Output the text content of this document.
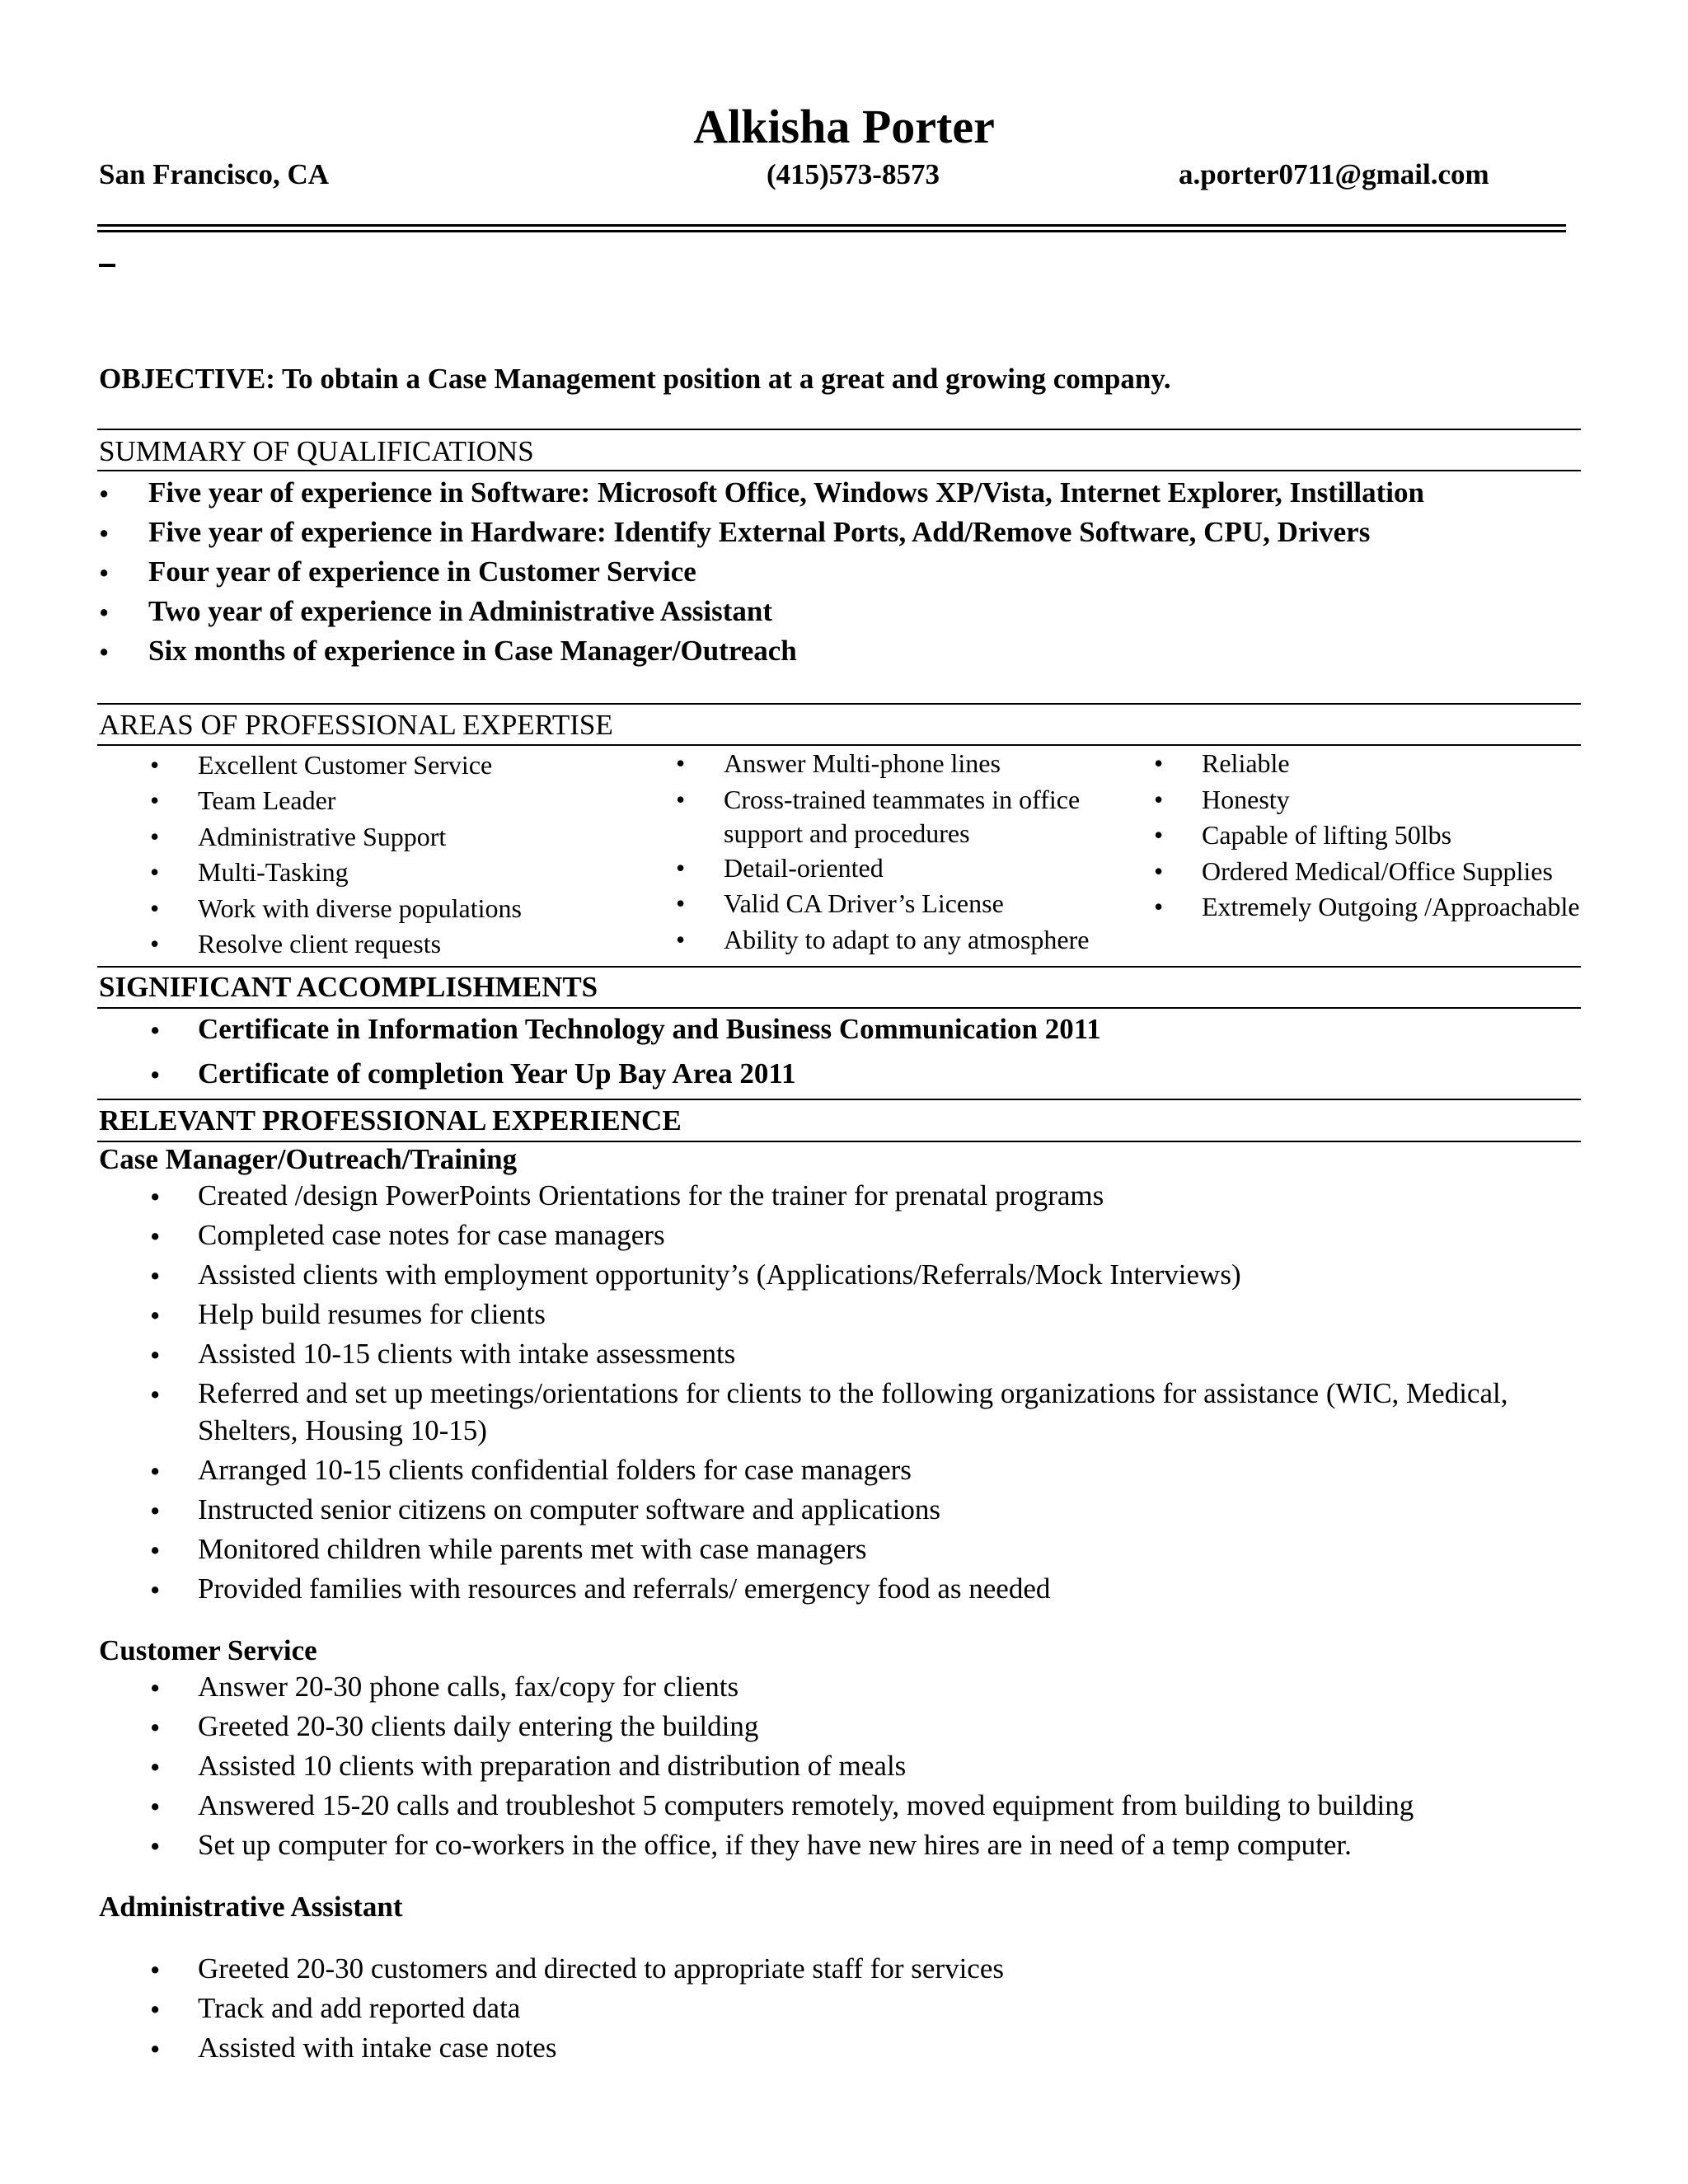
Alkisha Porter
San Francisco, CA	(415)573-8573	a.porter0711@gmail.com
OBJECTIVE: To obtain a Case Management position at a great and growing company.
SUMMARY OF QUALIFICATIONS
• Five year of experience in Software: Microsoft Office, Windows XP/Vista, Internet Explorer, Instillation
• Five year of experience in Hardware: Identify External Ports, Add/Remove Software, CPU, Drivers
• Four year of experience in Customer Service
• Two year of experience in Administrative Assistant
• Six months of experience in Case Manager/Outreach
AREAS OF PROFESSIONAL EXPERTISE
• Excellent Customer Service
• Team Leader
• Administrative Support
• Multi-Tasking
• Work with diverse populations
• Resolve client requests
• Answer Multi-phone lines
• Cross-trained teammates in office
support and procedures
• Detail-oriented
• Valid CA Driver’s License
• Ability to adapt to any atmosphere
• Reliable
• Honesty
• Capable of lifting 50lbs
• Ordered Medical/Office Supplies
• Extremely Outgoing /Approachable
SIGNIFICANT ACCOMPLISHMENTS
• Certificate in Information Technology and Business Communication 2011
• Certificate of completion Year Up Bay Area 2011
RELEVANT PROFESSIONAL EXPERIENCE
Case Manager/Outreach/Training
• Created /design PowerPoints Orientations for the trainer for prenatal programs
• Completed case notes for case managers
• Assisted clients with employment opportunity’s (Applications/Referrals/Mock Interviews)
• Help build resumes for clients
• Assisted 10-15 clients with intake assessments
• Referred and set up meetings/orientations for clients to the following organizations for assistance (WIC, Medical,
Shelters, Housing 10-15)
• Arranged 10-15 clients confidential folders for case managers
• Instructed senior citizens on computer software and applications
• Monitored children while parents met with case managers
• Provided families with resources and referrals/ emergency food as needed
Customer Service
• Answer 20-30 phone calls, fax/copy for clients
• Greeted 20-30 clients daily entering the building
• Assisted 10 clients with preparation and distribution of meals
• Answered 15-20 calls and troubleshot 5 computers remotely, moved equipment from building to building
• Set up computer for co-workers in the office, if they have new hires are in need of a temp computer.
Administrative Assistant
• Greeted 20-30 customers and directed to appropriate staff for services
• Track and add reported data
• Assisted with intake case notes
